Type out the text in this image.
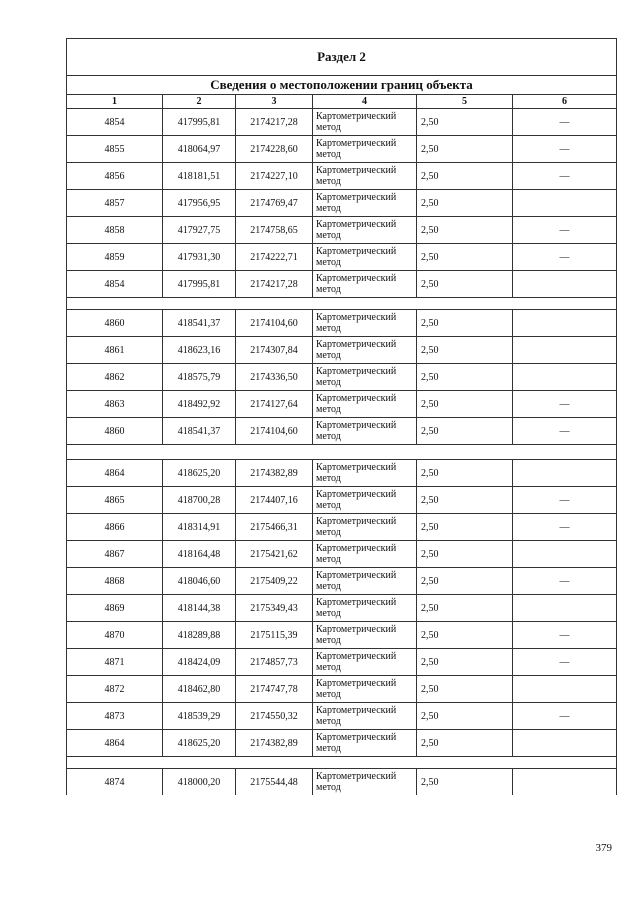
Раздел 2					
Сведения о местоположении границ объекта					
1	2	3	4	5	6
4854	417995,81	2174217,28	Картометрический метод	2,50	—
4855	418064,97	2174228,60	Картометрический метод	2,50	—
4856	418181,51	2174227,10	Картометрический метод	2,50	—
4857	417956,95	2174769,47	Картометрический метод	2,50	
4858	417927,75	2174758,65	Картометрический метод	2,50	—
4859	417931,30	2174222,71	Картометрический метод	2,50	—
4854	417995,81	2174217,28	Картометрический метод	2,50	

4860	418541,37	2174104,60	Картометрический метод	2,50	
4861	418623,16	2174307,84	Картометрический метод	2,50	
4862	418575,79	2174336,50	Картометрический метод	2,50	
4863	418492,92	2174127,64	Картометрический метод	2,50	—
4860	418541,37	2174104,60	Картометрический метод	2,50	—

4864	418625,20	2174382,89	Картометрический метод	2,50	
4865	418700,28	2174407,16	Картометрический метод	2,50	—
4866	418314,91	2175466,31	Картометрический метод	2,50	—
4867	418164,48	2175421,62	Картометрический метод	2,50	
4868	418046,60	2175409,22	Картометрический метод	2,50	—
4869	418144,38	2175349,43	Картометрический метод	2,50	
4870	418289,88	2175115,39	Картометрический метод	2,50	—
4871	418424,09	2174857,73	Картометрический метод	2,50	—
4872	418462,80	2174747,78	Картометрический метод	2,50	
4873	418539,29	2174550,32	Картометрический метод	2,50	—
4864	418625,20	2174382,89	Картометрический метод	2,50	

4874	418000,20	2175544,48	Картометрический метод	2,50	
379
